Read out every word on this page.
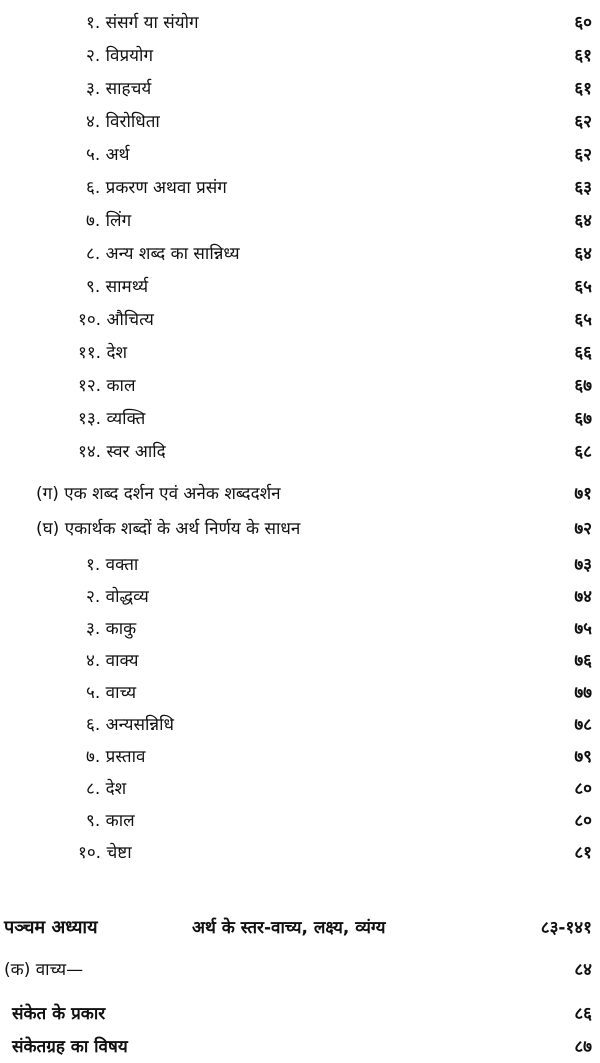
१. संसर्ग या संयोग	६०
२. विप्रयोग	६१
३. साहचर्य	६१
४. विरोधिता	६२
५. अर्थ	६२
६. प्रकरण अथवा प्रसंग	६३
७. लिंग	६४
८. अन्य शब्द का सान्निध्य	६४
९. सामर्थ्य	६५
१०. औचित्य	६५
११. देश	६६
१२. काल	६७
१३. व्यक्ति	६७
१४. स्वर आदि	६८
(ग) एक शब्द दर्शन एवं अनेक शब्ददर्शन	७१
(घ) एकार्थक शब्दों के अर्थ निर्णय के साधन	७२
१. वक्ता	७३
२. वोद्धव्य	७४
३. काकु	७५
४. वाक्य	७६
५. वाच्य	७७
६. अन्यसन्निधि	७८
७. प्रस्ताव	७९
८. देश	८०
९. काल	८०
१०. चेष्टा	८१
पञ्चम अध्याय	अर्थ के स्तर-वाच्य, लक्ष्य, व्यंग्य	८३-१४१
(क) वाच्य—	८४
संकेत के प्रकार	८६
संकेतग्रह का विषय	८७
